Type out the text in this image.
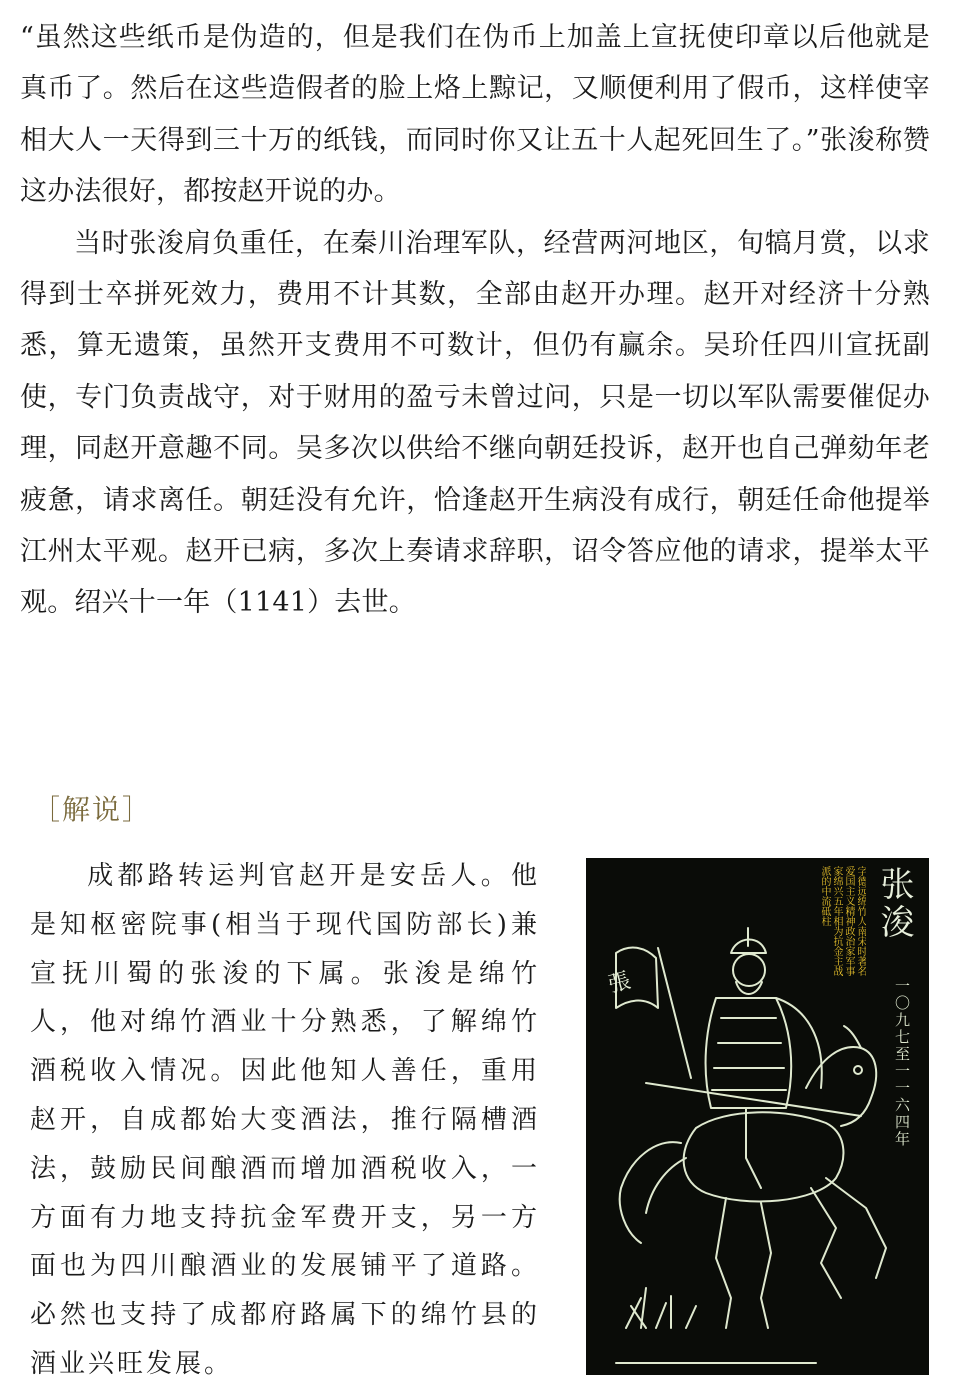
“虽然这些纸币是伪造的，但是我们在伪币上加盖上宣抚使印章以后他就是真币了。然后在这些造假者的脸上烙上黥记，又顺便利用了假币，这样使宰相大人一天得到三十万的纸钱，而同时你又让五十人起死回生了。”张浚称赞这办法很好，都按赵开说的办。

当时张浚肩负重任，在秦川治理军队，经营两河地区，旬犒月赏，以求得到士卒拼死效力，费用不计其数，全部由赵开办理。赵开对经济十分熟悉，算无遗策，虽然开支费用不可数计，但仍有赢余。吴玠任四川宣抚副使，专门负责战守，对于财用的盈亏未曾过问，只是一切以军队需要催促办理，同赵开意趣不同。吴多次以供给不继向朝廷投诉，赵开也自己弹劾年老疲惫，请求离任。朝廷没有允许，恰逢赵开生病没有成行，朝廷任命他提举江州太平观。赵开已病，多次上奏请求辞职，诏令答应他的请求，提举太平观。绍兴十一年（1141）去世。

［解说］

成都路转运判官赵开是安岳人。他是知枢密院事(相当于现代国防部长)兼宣抚川蜀的张浚的下属。张浚是绵竹人，他对绵竹酒业十分熟悉，了解绵竹酒税收入情况。因此他知人善任，重用赵开，自成都始大变酒法，推行隔槽酒法，鼓励民间酿酒而增加酒税收入，一方面有力地支持抗金军费开支，另一方面也为四川酿酒业的发展铺平了道路。必然也支持了成都府路属下的绵竹县的酒业兴旺发展。

張
字德远绵竹人南宋时著名爱国主义精神政治家军事家绵兴五年相为抗金主战派的中流砥柱	张浚
一〇九七至一一六四年
